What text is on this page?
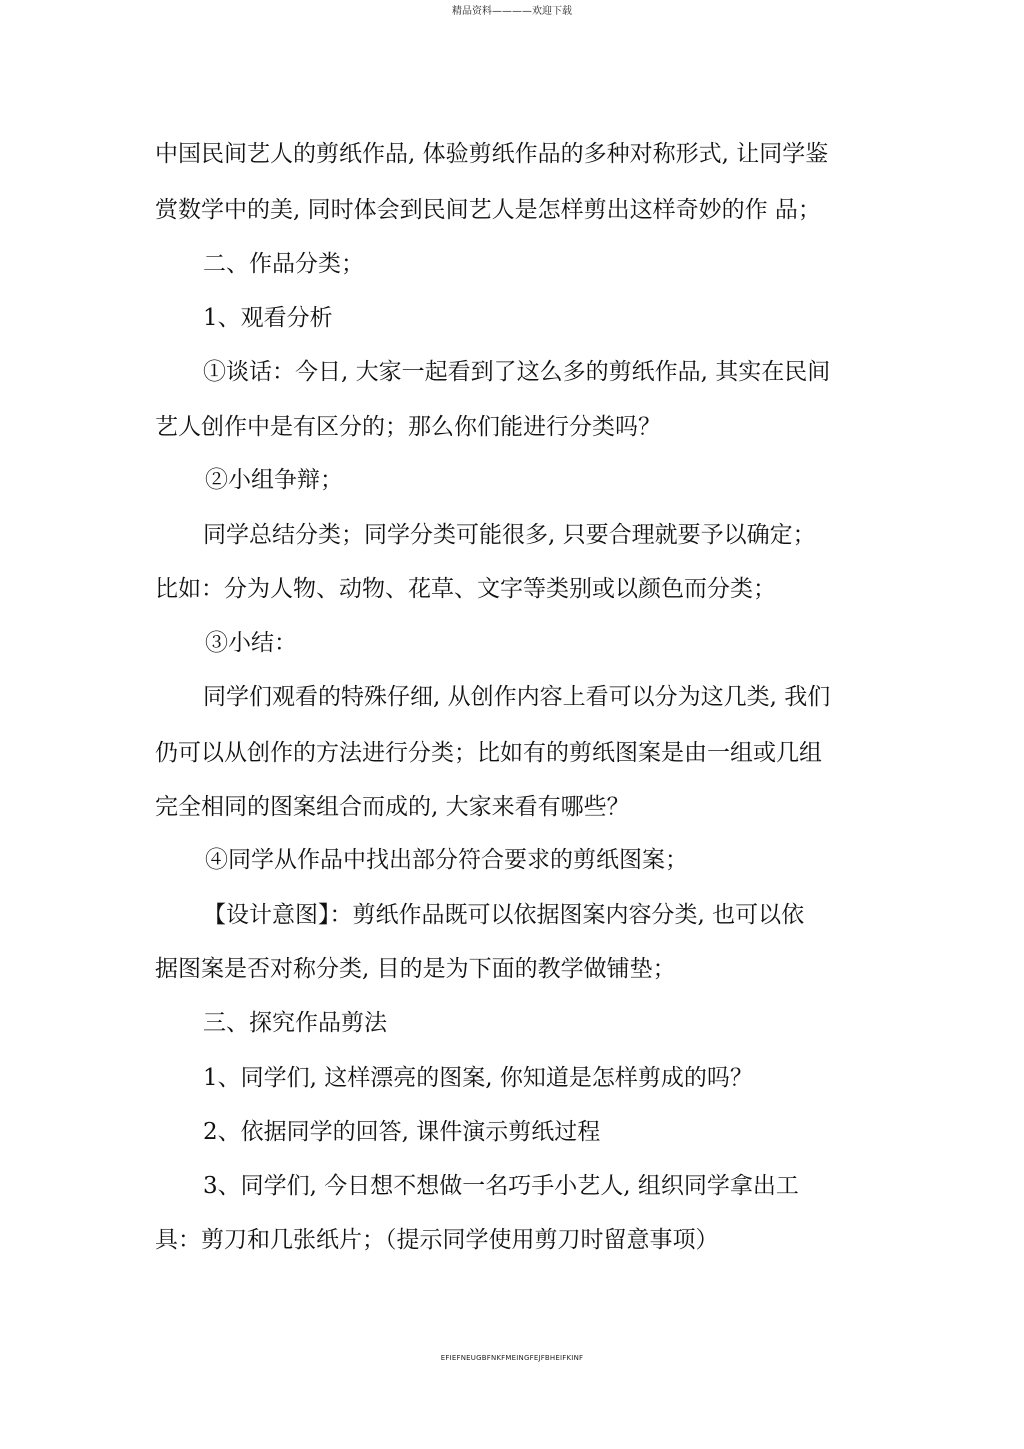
精品资料————欢迎下载
中国民间艺人的剪纸作品, 体验剪纸作品的多种对称形式, 让同学鉴
赏数学中的美, 同时体会到民间艺人是怎样剪出这样奇妙的作 品；
二、作品分类；
1、观看分析
①谈话：今日, 大家一起看到了这么多的剪纸作品, 其实在民间
艺人创作中是有区分的；那么你们能进行分类吗？
②小组争辩；
同学总结分类；同学分类可能很多, 只要合理就要予以确定；
比如：分为人物、动物、花草、文字等类别或以颜色而分类；
③小结：
同学们观看的特殊仔细, 从创作内容上看可以分为这几类, 我们
仍可以从创作的方法进行分类；比如有的剪纸图案是由一组或几组
完全相同的图案组合而成的, 大家来看有哪些？
④同学从作品中找出部分符合要求的剪纸图案；
【设计意图】：剪纸作品既可以依据图案内容分类, 也可以依
据图案是否对称分类, 目的是为下面的教学做铺垫；
三、探究作品剪法
1、同学们, 这样漂亮的图案, 你知道是怎样剪成的吗？
2、依据同学的回答, 课件演示剪纸过程
3、同学们, 今日想不想做一名巧手小艺人, 组织同学拿出工
具：剪刀和几张纸片；（提示同学使用剪刀时留意事项）
EFIEFNEUGBFNKFMEINGFEJFBHEIFKINF
